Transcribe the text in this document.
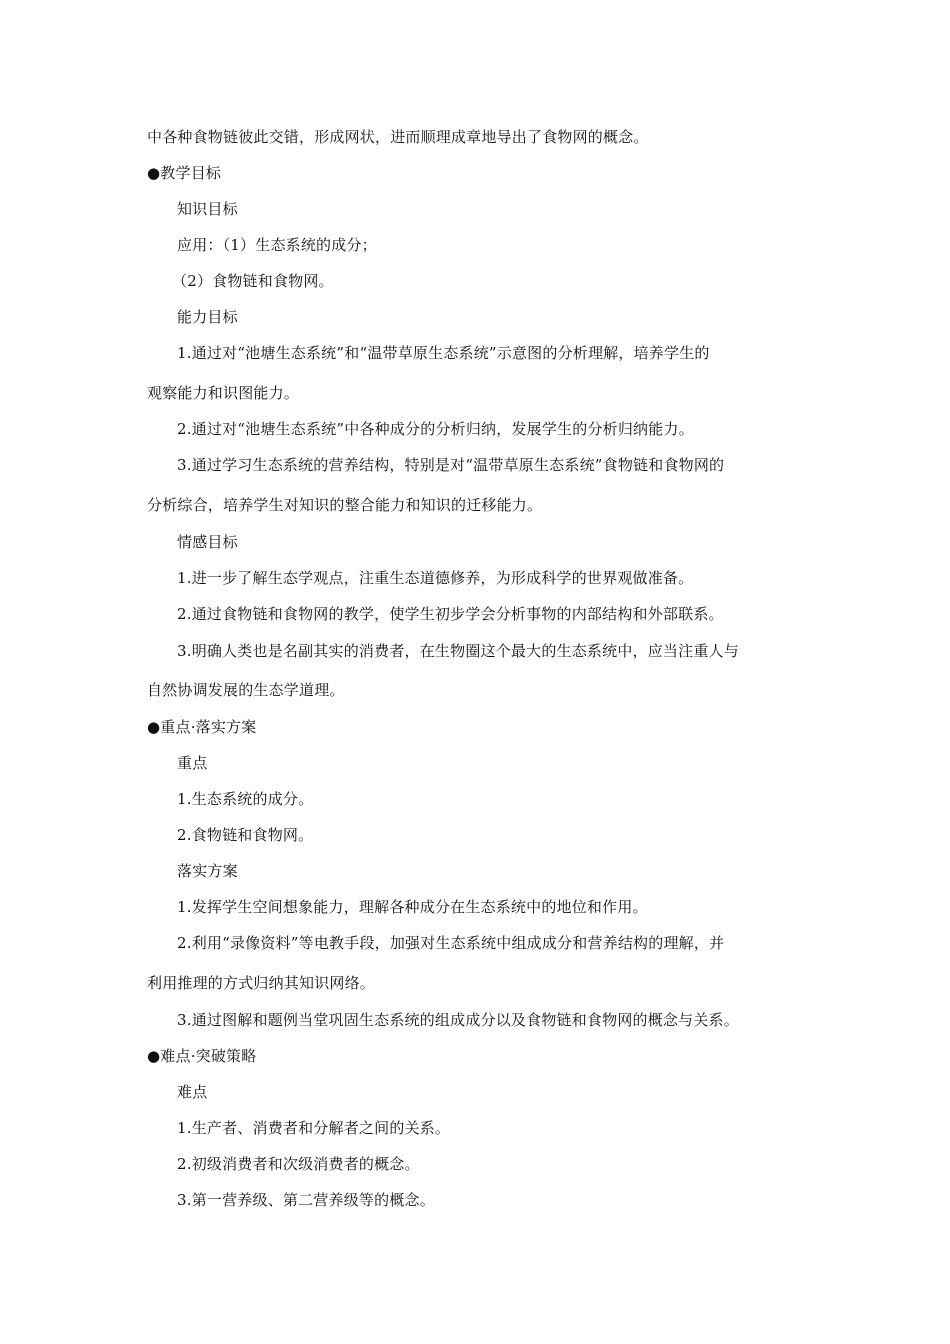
中各种食物链彼此交错，形成网状，进而顺理成章地导出了食物网的概念。
●教学目标
知识目标
应用：（1）生态系统的成分；
（2）食物链和食物网。
能力目标
1.通过对“池塘生态系统”和“温带草原生态系统”示意图的分析理解，培养学生的
观察能力和识图能力。
2.通过对“池塘生态系统”中各种成分的分析归纳，发展学生的分析归纳能力。
3.通过学习生态系统的营养结构，特别是对“温带草原生态系统”食物链和食物网的
分析综合，培养学生对知识的整合能力和知识的迁移能力。
情感目标
1.进一步了解生态学观点，注重生态道德修养，为形成科学的世界观做准备。
2.通过食物链和食物网的教学，使学生初步学会分析事物的内部结构和外部联系。
3.明确人类也是名副其实的消费者，在生物圈这个最大的生态系统中，应当注重人与
自然协调发展的生态学道理。
●重点·落实方案
重点
1.生态系统的成分。
2.食物链和食物网。
落实方案
1.发挥学生空间想象能力，理解各种成分在生态系统中的地位和作用。
2.利用“录像资料”等电教手段，加强对生态系统中组成成分和营养结构的理解，并
利用推理的方式归纳其知识网络。
3.通过图解和题例当堂巩固生态系统的组成成分以及食物链和食物网的概念与关系。
●难点·突破策略
难点
1.生产者、消费者和分解者之间的关系。
2.初级消费者和次级消费者的概念。
3.第一营养级、第二营养级等的概念。
